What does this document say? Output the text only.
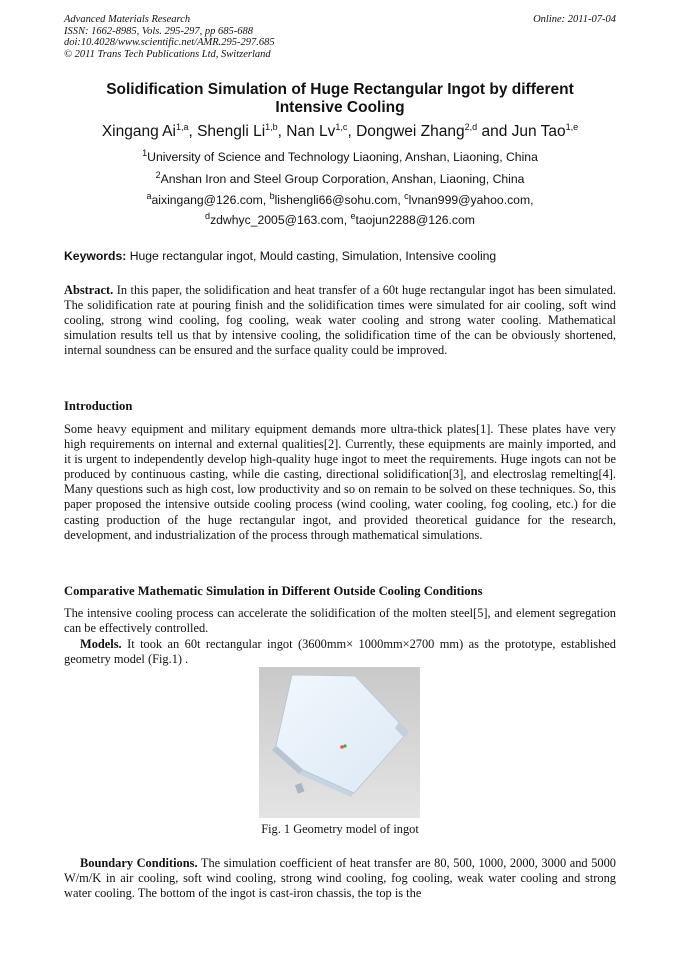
Advanced Materials Research
ISSN: 1662-8985, Vols. 295-297, pp 685-688
doi:10.4028/www.scientific.net/AMR.295-297.685
© 2011 Trans Tech Publications Ltd, Switzerland
Online: 2011-07-04
Solidification Simulation of Huge Rectangular Ingot by different
Intensive Cooling
Xingang Ai$^{1,a}$, Shengli Li$^{1,b}$, Nan Lv$^{1,c}$, Dongwei Zhang$^{2,d}$ and Jun Tao$^{1,e}$
$^1$University of Science and Technology Liaoning, Anshan, Liaoning, China
$^2$Anshan Iron and Steel Group Corporation, Anshan, Liaoning, China
$^a$aixingang@126.com, $^b$lishengli66@sohu.com, $^c$lvnan999@yahoo.com,
$^d$zdwhyc_2005@163.com, $^e$taojun2288@126.com
Keywords: Huge rectangular ingot, Mould casting, Simulation, Intensive cooling
Abstract. In this paper, the solidification and heat transfer of a 60t huge rectangular ingot has been simulated. The solidification rate at pouring finish and the solidification times were simulated for air cooling, soft wind cooling, strong wind cooling, fog cooling, weak water cooling and strong water cooling. Mathematical simulation results tell us that by intensive cooling, the solidification time of the can be obviously shortened, internal soundness can be ensured and the surface quality could be improved.
Introduction
Some heavy equipment and military equipment demands more ultra-thick plates[1]. These plates have very high requirements on internal and external qualities[2]. Currently, these equipments are mainly imported, and it is urgent to independently develop high-quality huge ingot to meet the requirements. Huge ingots can not be produced by continuous casting, while die casting, directional solidification[3], and electroslag remelting[4]. Many questions such as high cost, low productivity and so on remain to be solved on these techniques. So, this paper proposed the intensive outside cooling process (wind cooling, water cooling, fog cooling, etc.) for die casting production of the huge rectangular ingot, and provided theoretical guidance for the research, development, and industrialization of the process through mathematical simulations.
Comparative Mathematic Simulation in Different Outside Cooling Conditions
The intensive cooling process can accelerate the solidification of the molten steel[5], and element segregation can be effectively controlled.
Models. It took an 60t rectangular ingot (3600mm× 1000mm×2700 mm) as the prototype, established geometry model (Fig.1) .
Fig. 1 Geometry model of ingot
Boundary Conditions. The simulation coefficient of heat transfer are 80, 500, 1000, 2000, 3000 and 5000 W/m/K in air cooling, soft wind cooling, strong wind cooling, fog cooling, weak water cooling and strong water cooling. The bottom of the ingot is cast-iron chassis, the top is the
